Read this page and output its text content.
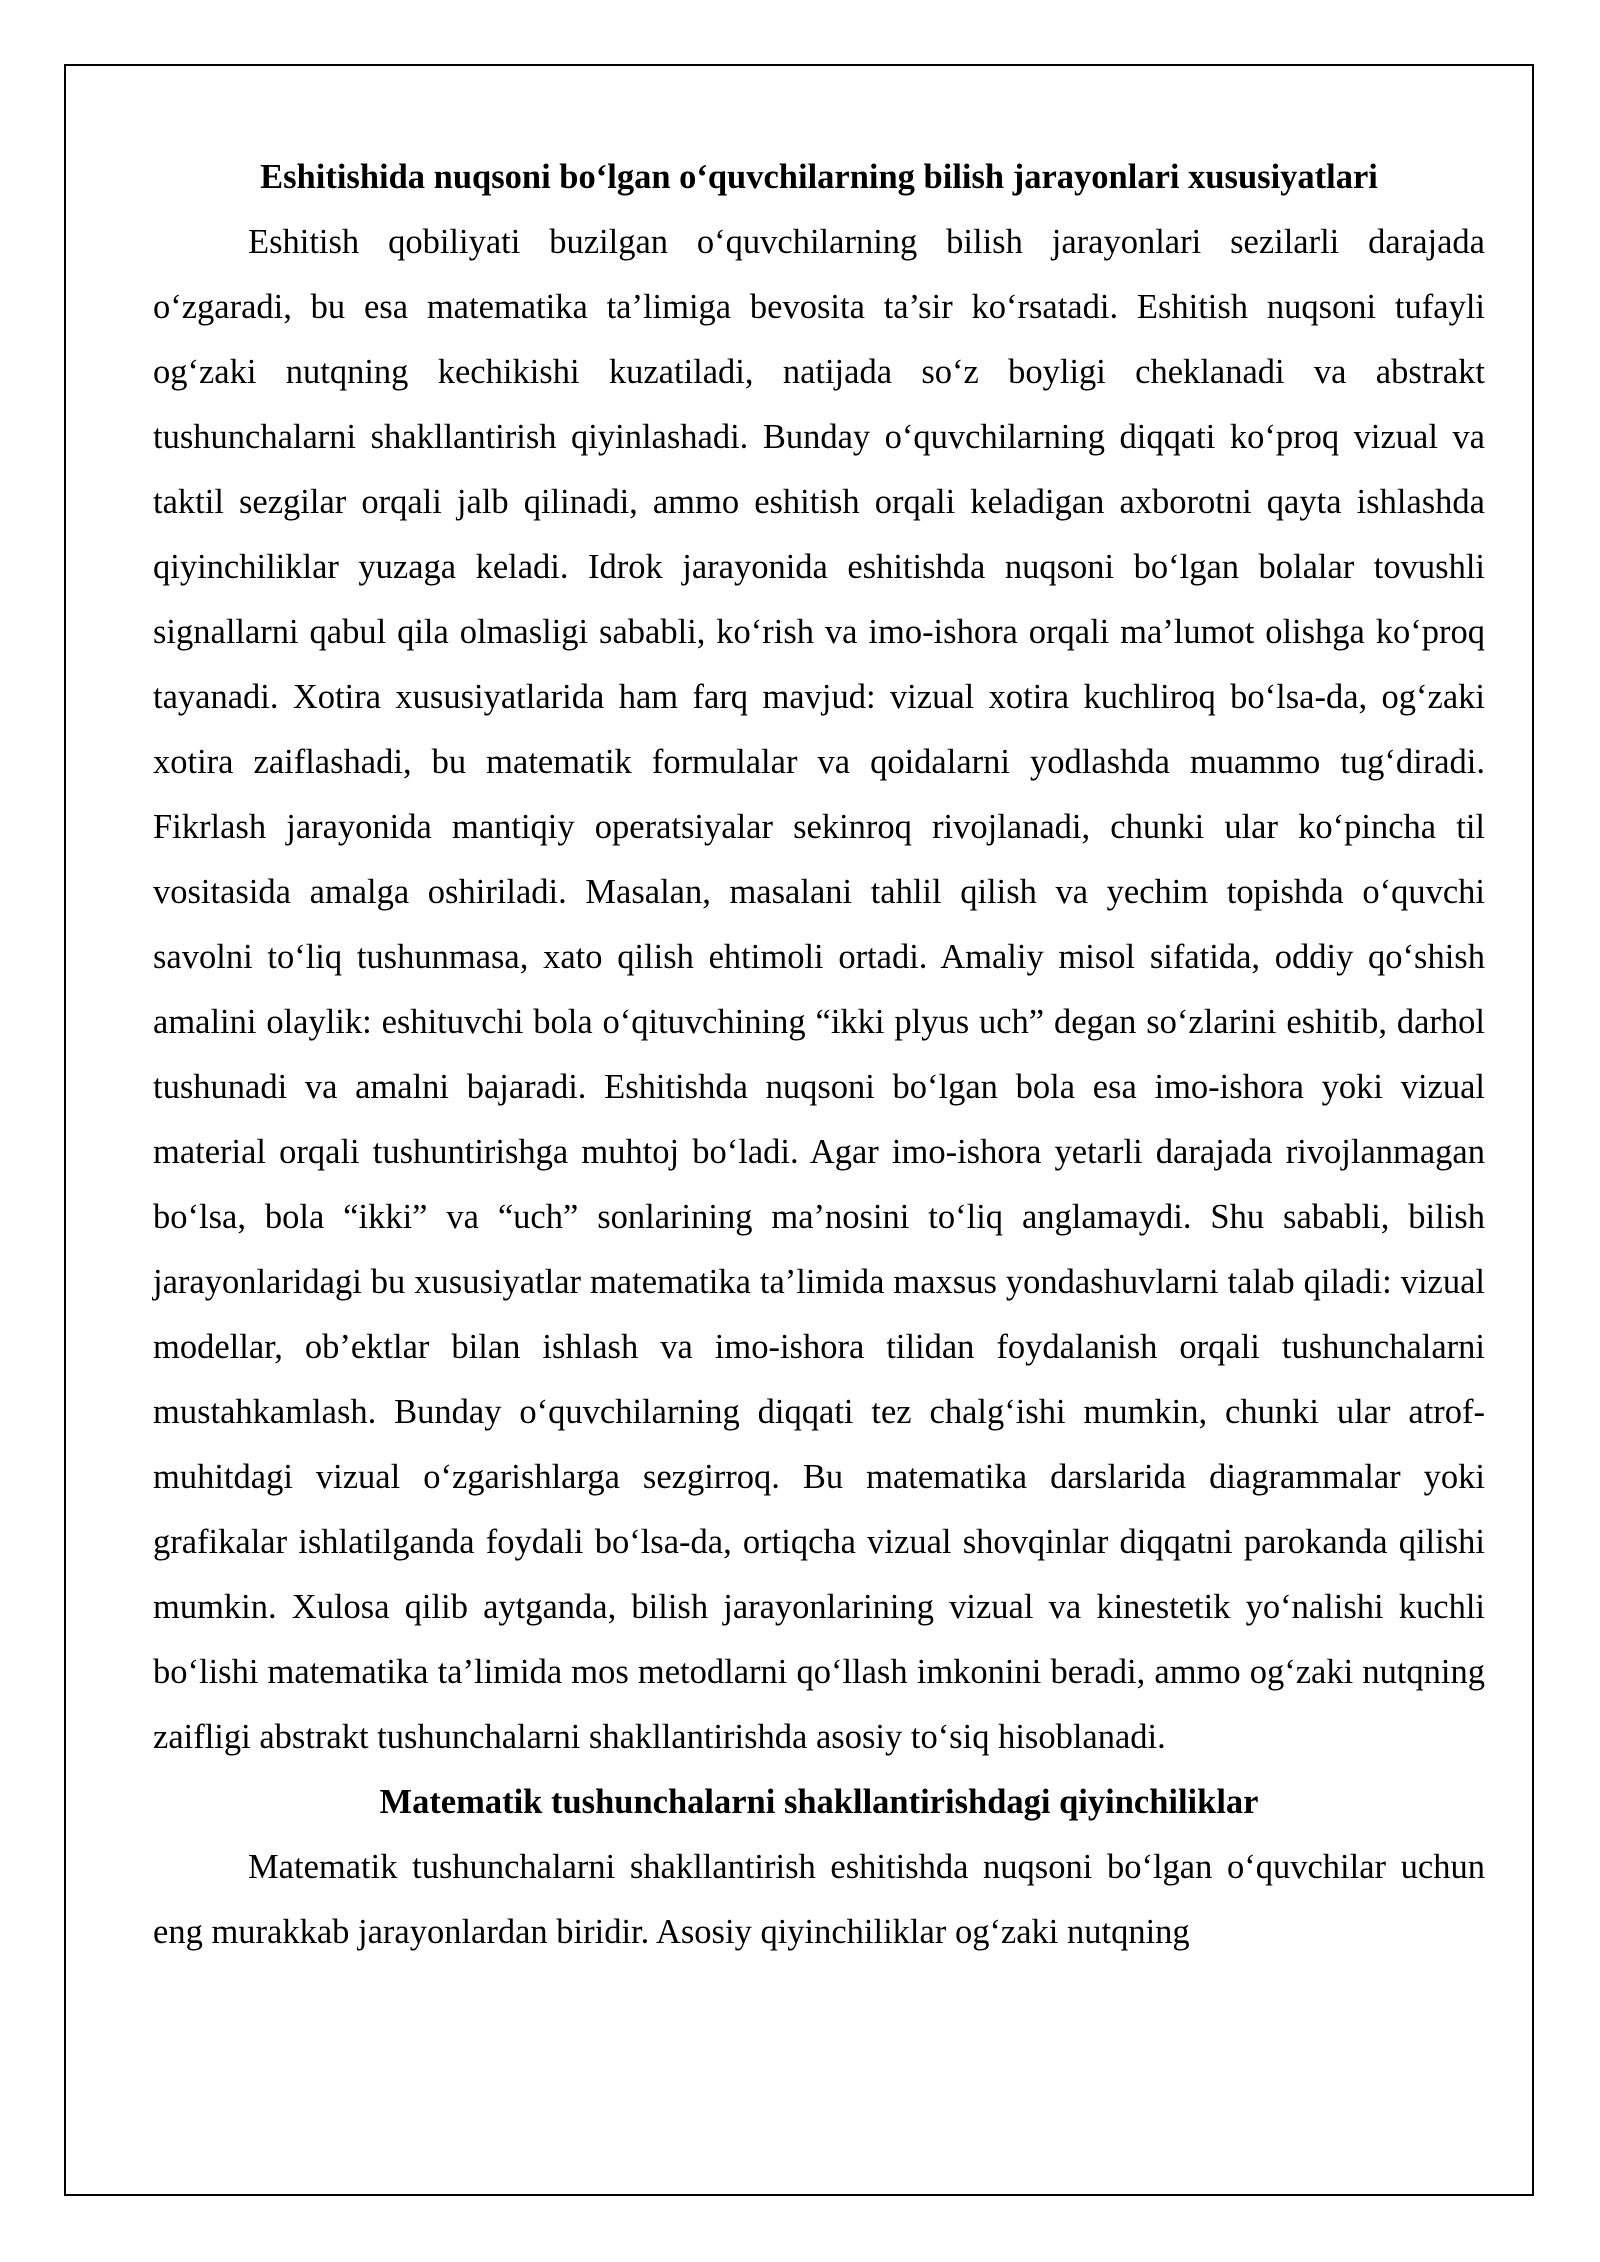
Eshitishida nuqsoni bo‘lgan o‘quvchilarning bilish jarayonlari xususiyatlari

Eshitish qobiliyati buzilgan o‘quvchilarning bilish jarayonlari sezilarli darajada o‘zgaradi, bu esa matematika ta’limiga bevosita ta’sir ko‘rsatadi. Eshitish nuqsoni tufayli og‘zaki nutqning kechikishi kuzatiladi, natijada so‘z boyligi cheklanadi va abstrakt tushunchalarni shakllantirish qiyinlashadi. Bunday o‘quvchilarning diqqati ko‘proq vizual va taktil sezgilar orqali jalb qilinadi, ammo eshitish orqali keladigan axborotni qayta ishlashda qiyinchiliklar yuzaga keladi. Idrok jarayonida eshitishda nuqsoni bo‘lgan bolalar tovushli signallarni qabul qila olmasligi sababli, ko‘rish va imo-ishora orqali ma’lumot olishga ko‘proq tayanadi. Xotira xususiyatlarida ham farq mavjud: vizual xotira kuchliroq bo‘lsa-da, og‘zaki xotira zaiflashadi, bu matematik formulalar va qoidalarni yodlashda muammo tug‘diradi. Fikrlash jarayonida mantiqiy operatsiyalar sekinroq rivojlanadi, chunki ular ko‘pincha til vositasida amalga oshiriladi. Masalan, masalani tahlil qilish va yechim topishda o‘quvchi savolni to‘liq tushunmasa, xato qilish ehtimoli ortadi. Amaliy misol sifatida, oddiy qo‘shish amalini olaylik: eshituvchi bola o‘qituvchining “ikki plyus uch” degan so‘zlarini eshitib, darhol tushunadi va amalni bajaradi. Eshitishda nuqsoni bo‘lgan bola esa imo-ishora yoki vizual material orqali tushuntirishga muhtoj bo‘ladi. Agar imo-ishora yetarli darajada rivojlanmagan bo‘lsa, bola “ikki” va “uch” sonlarining ma’nosini to‘liq anglamaydi. Shu sababli, bilish jarayonlaridagi bu xususiyatlar matematika ta’limida maxsus yondashuvlarni talab qiladi: vizual modellar, ob’ektlar bilan ishlash va imo-ishora tilidan foydalanish orqali tushunchalarni mustahkamlash. Bunday o‘quvchilarning diqqati tez chalg‘ishi mumkin, chunki ular atrof-muhitdagi vizual o‘zgarishlarga sezgirroq. Bu matematika darslarida diagrammalar yoki grafikalar ishlatilganda foydali bo‘lsa-da, ortiqcha vizual shovqinlar diqqatni parokanda qilishi mumkin. Xulosa qilib aytganda, bilish jarayonlarining vizual va kinestetik yo‘nalishi kuchli bo‘lishi matematika ta’limida mos metodlarni qo‘llash imkonini beradi, ammo og‘zaki nutqning zaifligi abstrakt tushunchalarni shakllantirishda asosiy to‘siq hisoblanadi.

Matematik tushunchalarni shakllantirishdagi qiyinchiliklar

Matematik tushunchalarni shakllantirish eshitishda nuqsoni bo‘lgan o‘quvchilar uchun eng murakkab jarayonlardan biridir. Asosiy qiyinchiliklar og‘zaki nutqning
